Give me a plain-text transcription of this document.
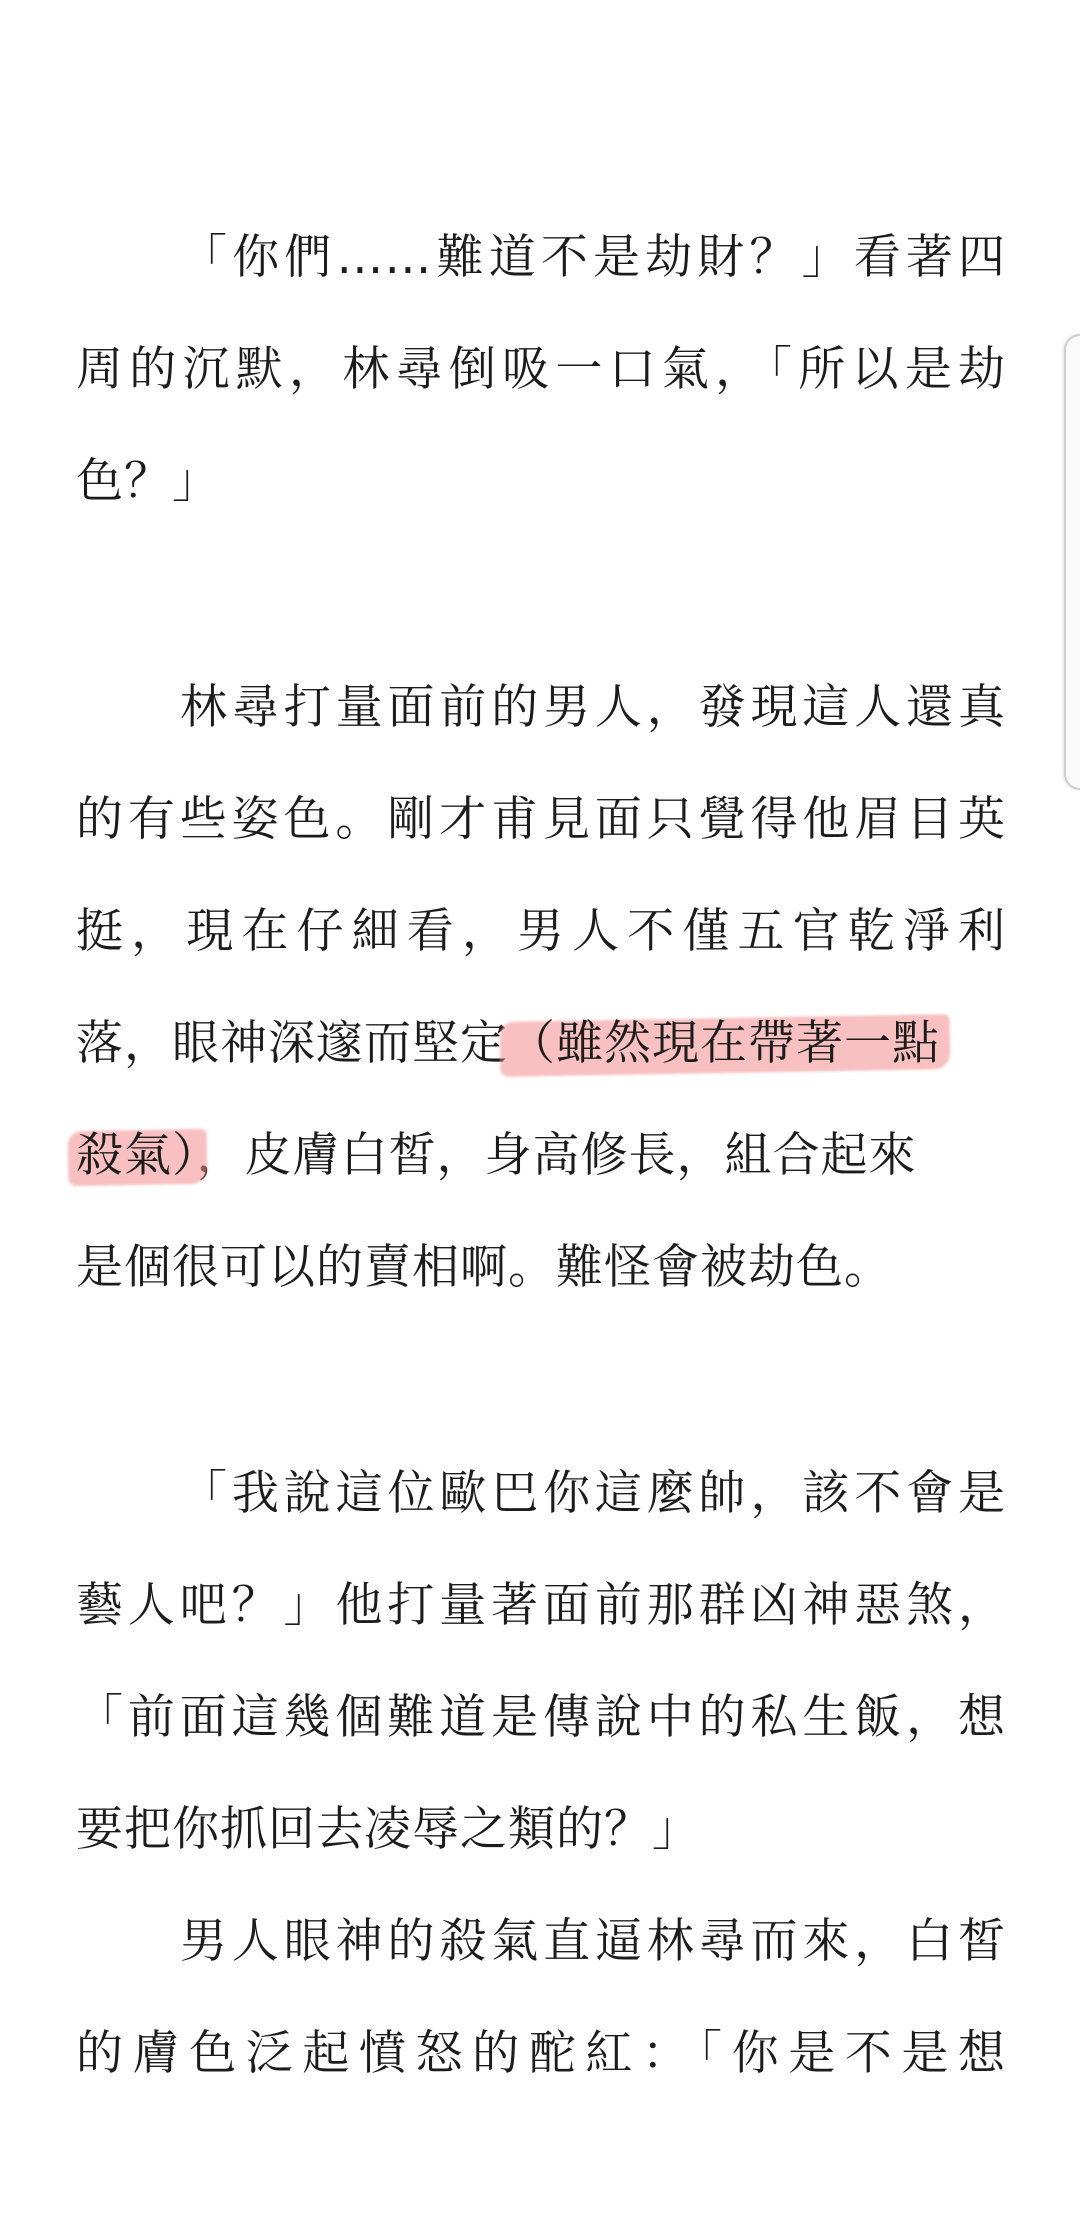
「你們……難道不是劫財？」看著四
周的沉默，林尋倒吸一口氣，「所以是劫
色？」
林尋打量面前的男人，發現這人還真
的有些姿色。剛才甫見面只覺得他眉目英
挺，現在仔細看，男人不僅五官乾淨利
落，眼神深邃而堅定（雖然現在帶著一點
殺氣），皮膚白皙，身高修長，組合起來
是個很可以的賣相啊。難怪會被劫色。
「我說這位歐巴你這麼帥，該不會是
藝人吧？」他打量著面前那群凶神惡煞，
「前面這幾個難道是傳說中的私生飯，想
要把你抓回去凌辱之類的？」
男人眼神的殺氣直逼林尋而來，白皙
的膚色泛起憤怒的酡紅：「你是不是想
